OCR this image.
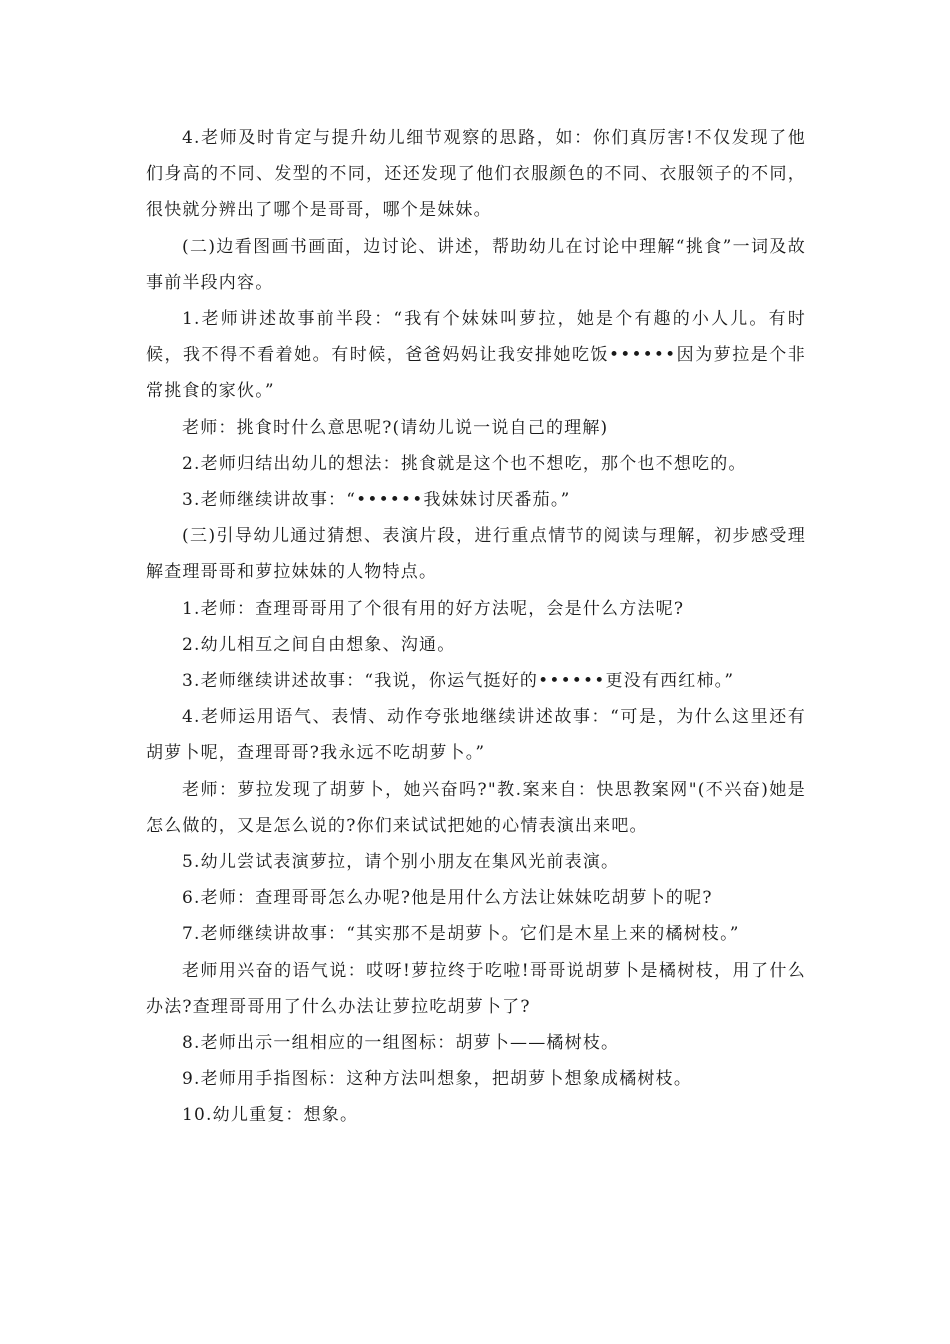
4.老师及时肯定与提升幼儿细节观察的思路，如：你们真厉害!不仅发现了他们身高的不同、发型的不同，还还发现了他们衣服颜色的不同、衣服领子的不同，很快就分辨出了哪个是哥哥，哪个是妹妹。

(二)边看图画书画面，边讨论、讲述，帮助幼儿在讨论中理解“挑食”一词及故事前半段内容。

1.老师讲述故事前半段：“我有个妹妹叫萝拉，她是个有趣的小人儿。有时候，我不得不看着她。有时候，爸爸妈妈让我安排她吃饭••••••因为萝拉是个非常挑食的家伙。”

老师：挑食时什么意思呢?(请幼儿说一说自己的理解)

2.老师归结出幼儿的想法：挑食就是这个也不想吃，那个也不想吃的。

3.老师继续讲故事：“••••••我妹妹讨厌番茄。”

(三)引导幼儿通过猜想、表演片段，进行重点情节的阅读与理解，初步感受理解查理哥哥和萝拉妹妹的人物特点。

1.老师：查理哥哥用了个很有用的好方法呢，会是什么方法呢?

2.幼儿相互之间自由想象、沟通。

3.老师继续讲述故事：“我说，你运气挺好的••••••更没有西红柿。”

4.老师运用语气、表情、动作夸张地继续讲述故事：“可是，为什么这里还有胡萝卜呢，查理哥哥?我永远不吃胡萝卜。”

老师：萝拉发现了胡萝卜，她兴奋吗?"教.案来自：快思教案网"(不兴奋)她是怎么做的，又是怎么说的?你们来试试把她的心情表演出来吧。

5.幼儿尝试表演萝拉，请个别小朋友在集风光前表演。

6.老师：查理哥哥怎么办呢?他是用什么方法让妹妹吃胡萝卜的呢?

7.老师继续讲故事：“其实那不是胡萝卜。它们是木星上来的橘树枝。”

老师用兴奋的语气说：哎呀!萝拉终于吃啦!哥哥说胡萝卜是橘树枝，用了什么办法?查理哥哥用了什么办法让萝拉吃胡萝卜了?

8.老师出示一组相应的一组图标：胡萝卜——橘树枝。

9.老师用手指图标：这种方法叫想象，把胡萝卜想象成橘树枝。

10.幼儿重复：想象。
